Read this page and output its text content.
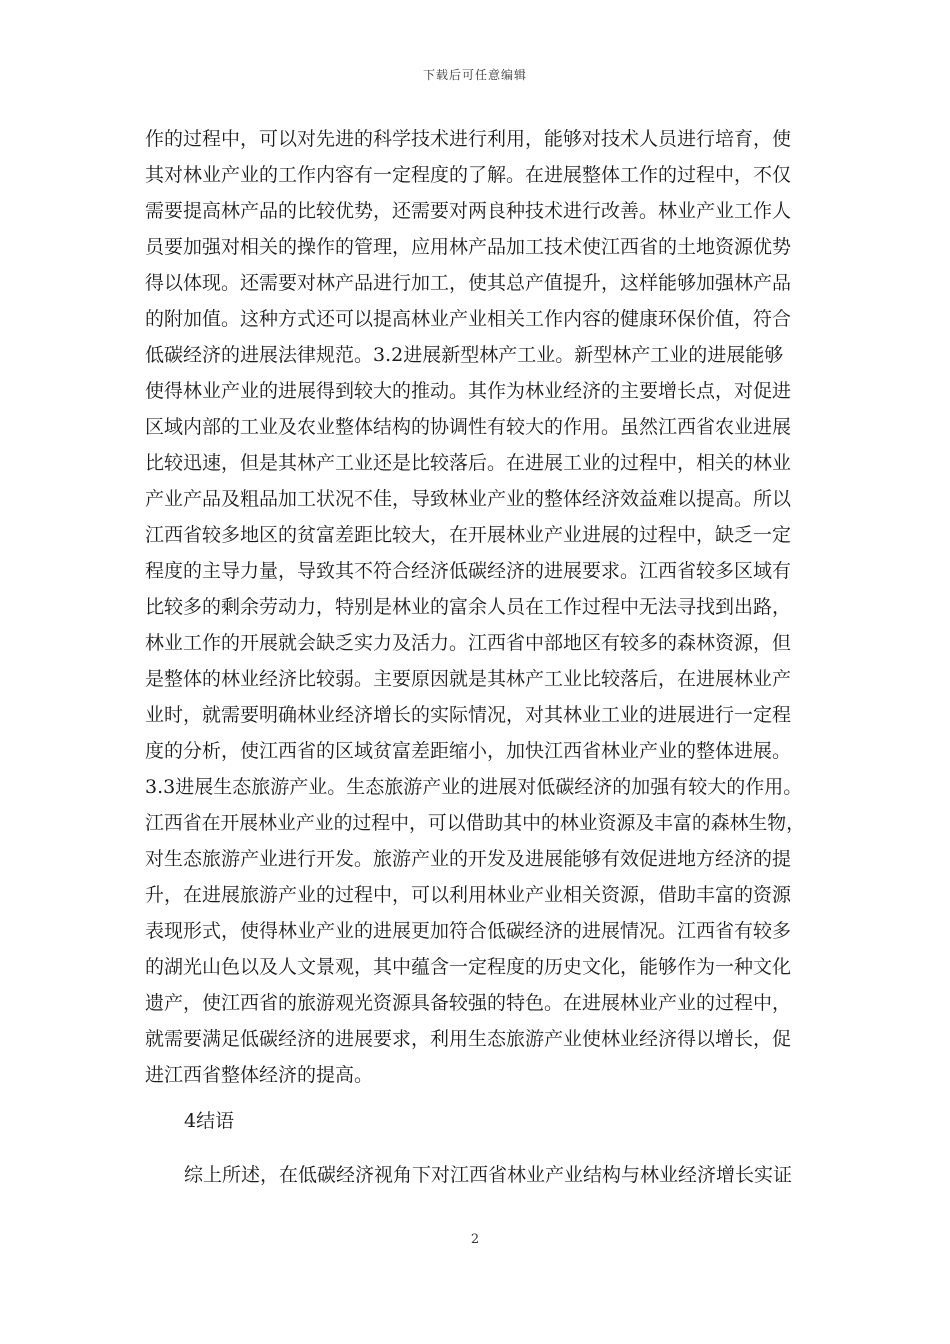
下载后可任意编辑
作的过程中，可以对先进的科学技术进行利用，能够对技术人员进行培育，使
其对林业产业的工作内容有一定程度的了解。在进展整体工作的过程中，不仅
需要提高林产品的比较优势，还需要对两良种技术进行改善。林业产业工作人
员要加强对相关的操作的管理，应用林产品加工技术使江西省的土地资源优势
得以体现。还需要对林产品进行加工，使其总产值提升，这样能够加强林产品
的附加值。这种方式还可以提高林业产业相关工作内容的健康环保价值，符合
低碳经济的进展法律规范。3.2进展新型林产工业。新型林产工业的进展能够
使得林业产业的进展得到较大的推动。其作为林业经济的主要增长点，对促进
区域内部的工业及农业整体结构的协调性有较大的作用。虽然江西省农业进展
比较迅速，但是其林产工业还是比较落后。在进展工业的过程中，相关的林业
产业产品及粗品加工状况不佳，导致林业产业的整体经济效益难以提高。所以
江西省较多地区的贫富差距比较大，在开展林业产业进展的过程中，缺乏一定
程度的主导力量，导致其不符合经济低碳经济的进展要求。江西省较多区域有
比较多的剩余劳动力，特别是林业的富余人员在工作过程中无法寻找到出路，
林业工作的开展就会缺乏实力及活力。江西省中部地区有较多的森林资源，但
是整体的林业经济比较弱。主要原因就是其林产工业比较落后，在进展林业产
业时，就需要明确林业经济增长的实际情况，对其林业工业的进展进行一定程
度的分析，使江西省的区域贫富差距缩小，加快江西省林业产业的整体进展。
3.3进展生态旅游产业。生态旅游产业的进展对低碳经济的加强有较大的作用。
江西省在开展林业产业的过程中，可以借助其中的林业资源及丰富的森林生物，
对生态旅游产业进行开发。旅游产业的开发及进展能够有效促进地方经济的提
升，在进展旅游产业的过程中，可以利用林业产业相关资源，借助丰富的资源
表现形式，使得林业产业的进展更加符合低碳经济的进展情况。江西省有较多
的湖光山色以及人文景观，其中蕴含一定程度的历史文化，能够作为一种文化
遗产，使江西省的旅游观光资源具备较强的特色。在进展林业产业的过程中，
就需要满足低碳经济的进展要求，利用生态旅游产业使林业经济得以增长，促
进江西省整体经济的提高。
4结语
综上所述，在低碳经济视角下对江西省林业产业结构与林业经济增长实证
2
